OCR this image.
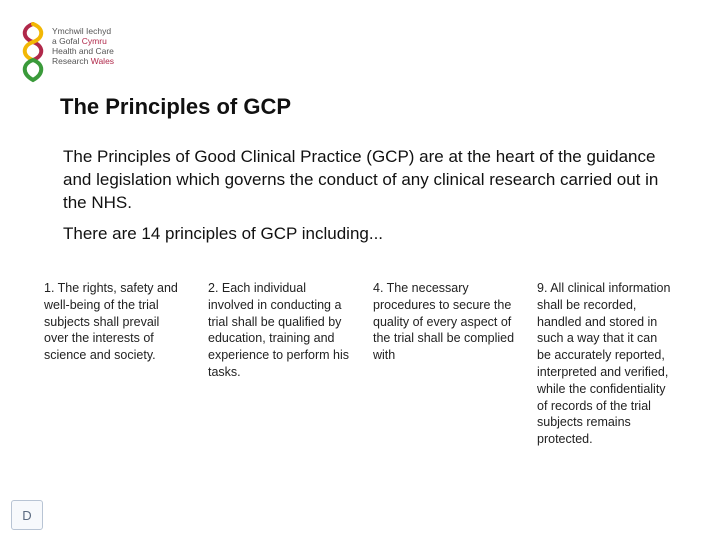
Ymchwil Iechyd
a Gofal Cymru
Health and Care
Research Wales
The Principles of GCP

The Principles of Good Clinical Practice (GCP) are at the heart of the guidance and legislation which governs the conduct of any clinical research carried out in the NHS.

There are 14 principles of GCP including...

1. The rights, safety and well-being of the trial subjects shall prevail over the interests of science and society.

2. Each individual involved in conducting a trial shall be qualified by education, training and experience to perform his tasks.

4. The necessary procedures to secure the quality of every aspect of the trial shall be complied with

9. All clinical information shall be recorded, handled and stored in such a way that it can be accurately reported, interpreted and verified, while the confidentiality of records of the trial subjects remains protected.

D
